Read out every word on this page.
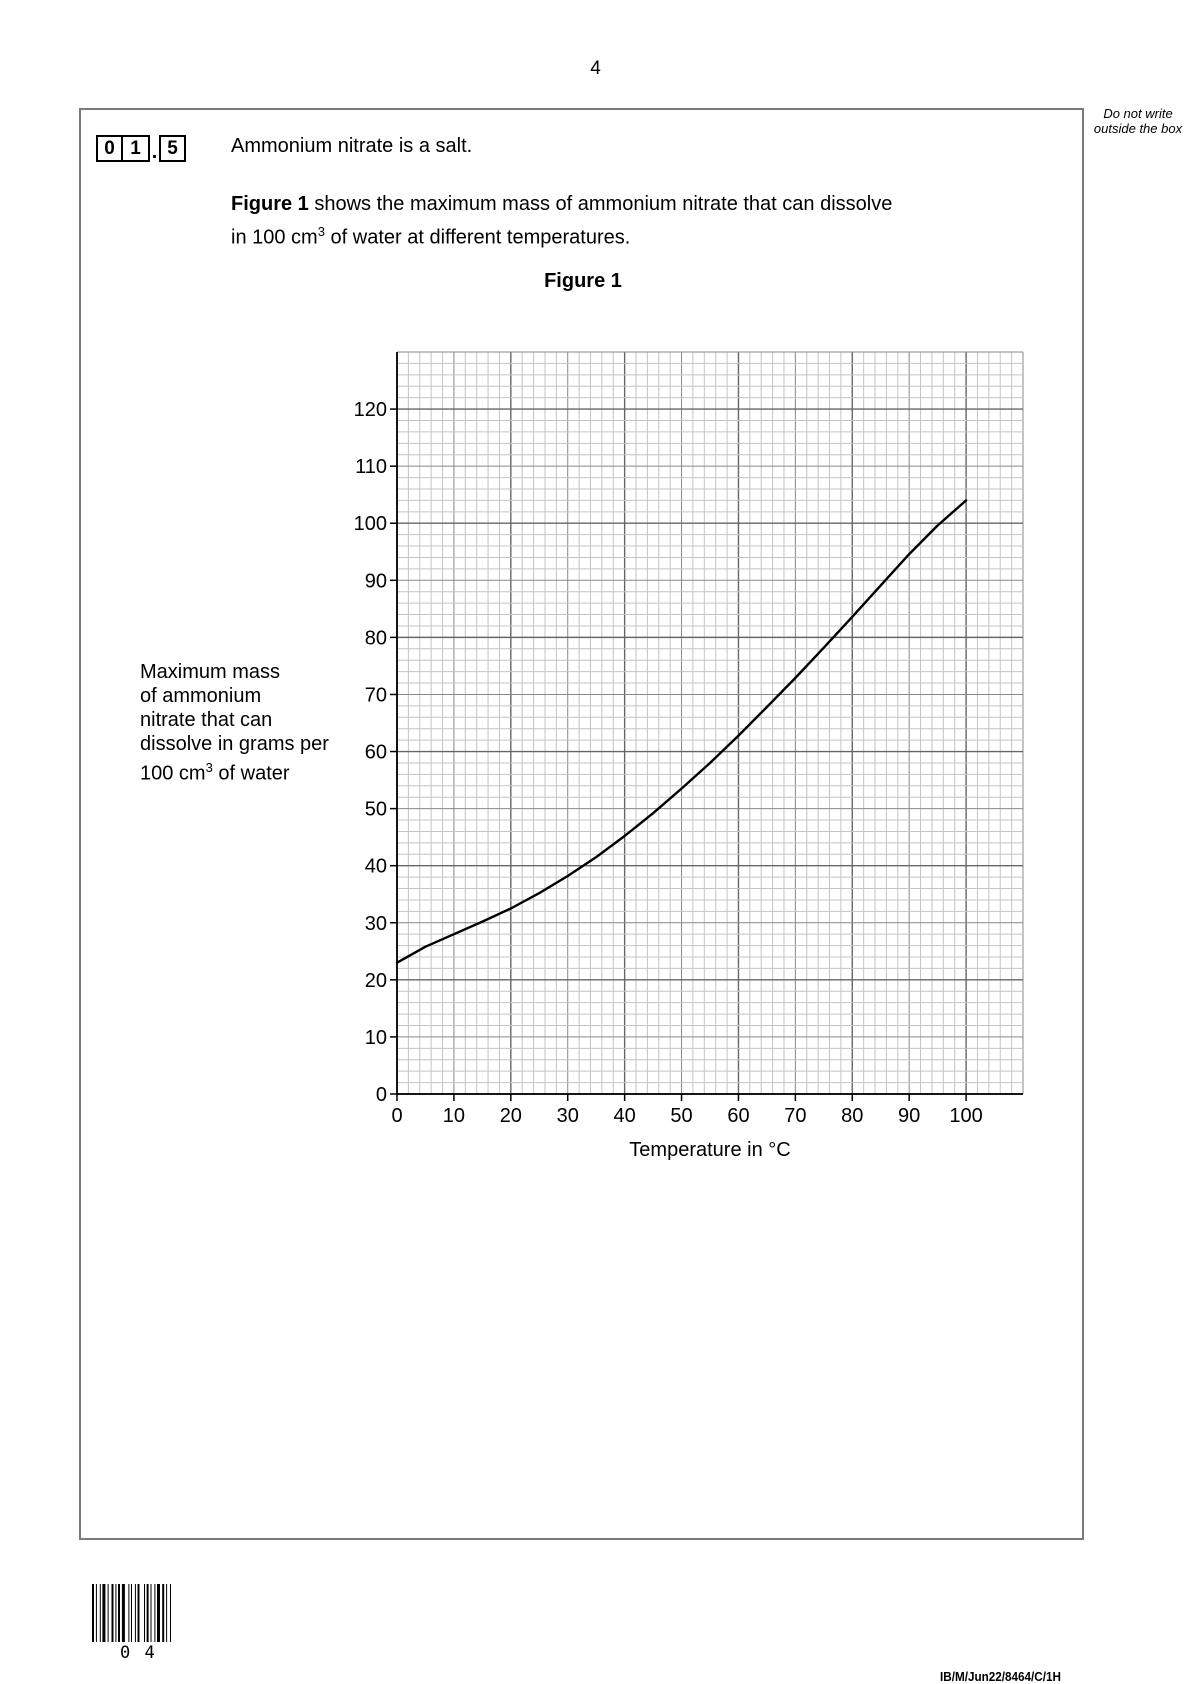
4
Do not write outside the box
0 1 . 5	Ammonium nitrate is a salt.
Figure 1 shows the maximum mass of ammonium nitrate that can dissolve
in 100 $cm^3$ of water at different temperatures.
Figure 1
Maximum mass
of ammonium
nitrate that can
dissolve in grams per
100 $cm^3$ of water
0
10
20
30
40
50
60
70
80
90
100
110
120
0 10 20 30 40 50 60 70 80 90 100
Temperature in °C
0 4
IB/M/Jun22/8464/C/1H
